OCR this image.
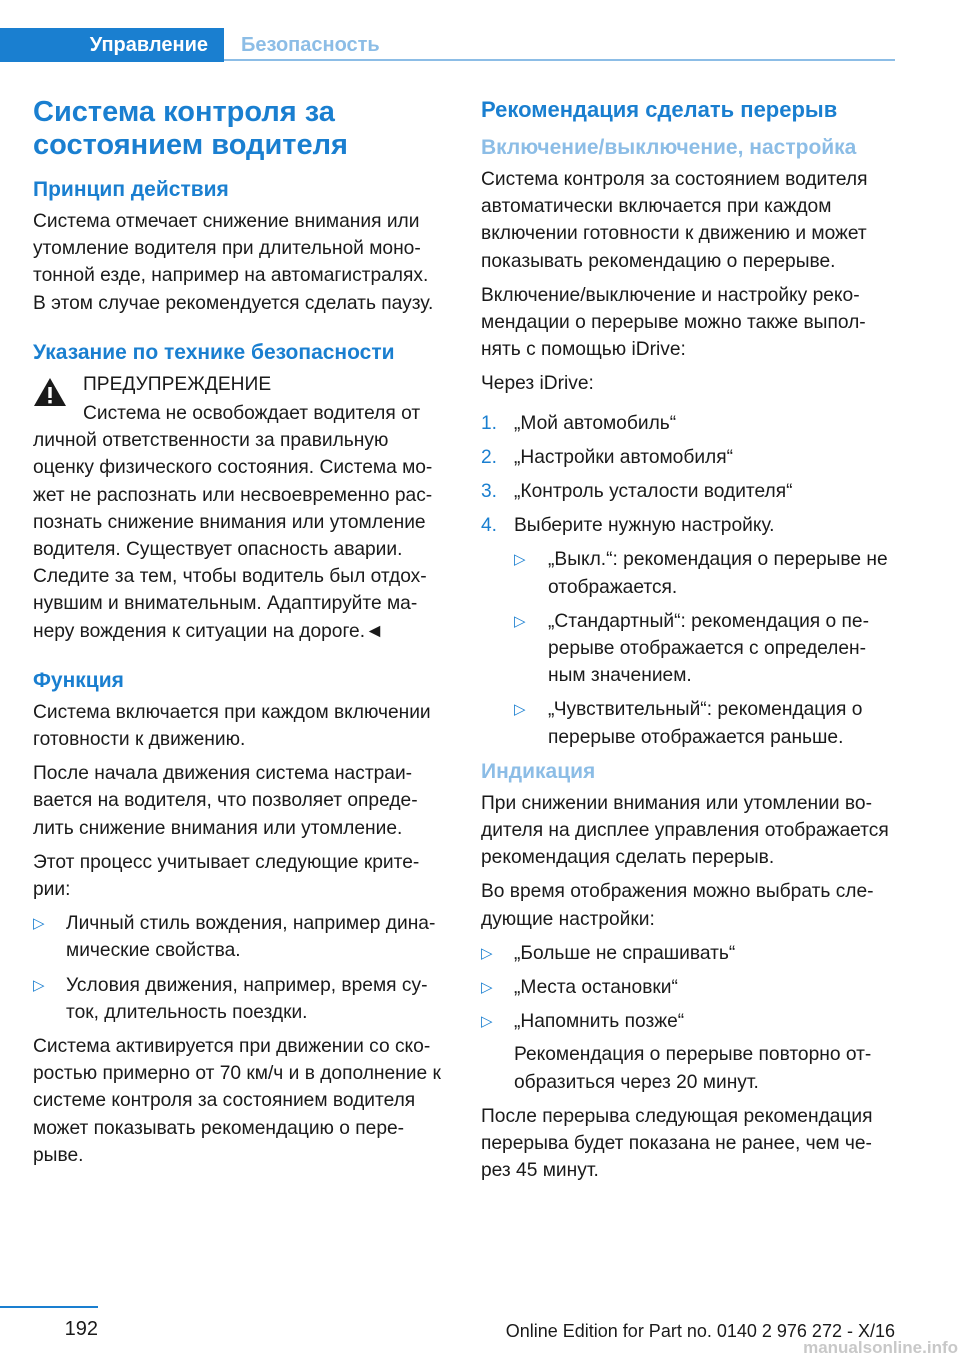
Управление	Безопасность
Система контроля за состоянием водителя
Принцип действия

Система отмечает снижение внимания или утомление водителя при длительной моно-тонной езде, например на автомагистралях. В этом случае рекомендуется сделать паузу.

Указание по технике безопасности
ПРЕДУПРЕЖДЕНИЕ
Система не освобождает водителя от личной ответственности за правильную оценку физического состояния. Система мо-жет не распознать или несвоевременно рас-познать снижение внимания или утомление водителя. Существует опасность аварии. Следите за тем, чтобы водитель был отдох-нувшим и внимательным. Адаптируйте ма-неру вождения к ситуации на дороге.◄
Функция

Система включается при каждом включении готовности к движению.

После начала движения система настраи-вается на водителя, что позволяет опреде-лить снижение внимания или утомление.

Этот процесс учитывает следующие крите-рии:

▷ Личный стиль вождения, например дина-мические свойства.
▷ Условия движения, например, время су-ток, длительность поездки.

Система активируется при движении со ско-ростью примерно от 70 км/ч и в дополнение к системе контроля за состоянием водителя может показывать рекомендацию о пере-рыве.

Рекомендация сделать перерыв
Включение/выключение, настройка

Система контроля за состоянием водителя автоматически включается при каждом включении готовности к движению и может показывать рекомендацию о перерыве.

Включение/выключение и настройку реко-мендации о перерыве можно также выпол-нять с помощью iDrive:

Через iDrive:

1. „Мой автомобиль“
2. „Настройки автомобиля“
3. „Контроль усталости водителя“
4. Выберите нужную настройку.
▷ „Выкл.“: рекомендация о перерыве не отображается.
▷ „Стандартный“: рекомендация о пе-рерыве отображается с определен-ным значением.
▷ „Чувствительный“: рекомендация о перерыве отображается раньше.
Индикация

При снижении внимания или утомлении во-дителя на дисплее управления отображается рекомендация сделать перерыв.

Во время отображения можно выбрать сле-дующие настройки:

▷ „Больше не спрашивать“
▷ „Места остановки“
▷ „Напомнить позже“
Рекомендация о перерыве повторно от-образиться через 20 минут.

После перерыва следующая рекомендация перерыва будет показана не ранее, чем че-рез 45 минут.

192	Online Edition for Part no. 0140 2 976 272 - X/16
manualsonline.info
